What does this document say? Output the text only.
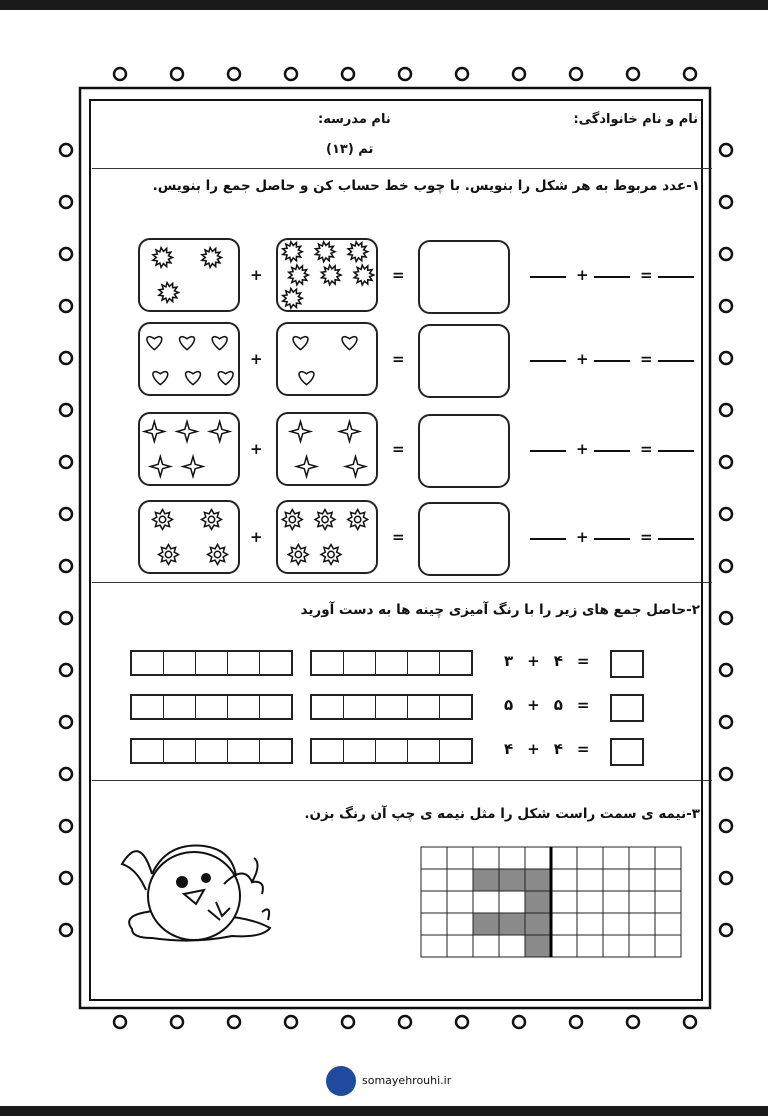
نام و نام خانوادگی:
نام مدرسه:
تم (۱۳)
۱-عدد مربوط به هر شکل را بنویس. با چوب خط حساب کن و حاصل جمع را بنویس.
+	=	+	=
+	=	+	=
+	=	+	=
+	=	+	=
۲-حاصل جمع های زیر را با رنگ آمیزی چینه ها به دست آورید
۳ + ۴ =
۵ + ۵ =
۴ + ۴ =
۳-نیمه ی سمت راست شکل را مثل نیمه ی چپ آن رنگ بزن.
somayehrouhi.ir
